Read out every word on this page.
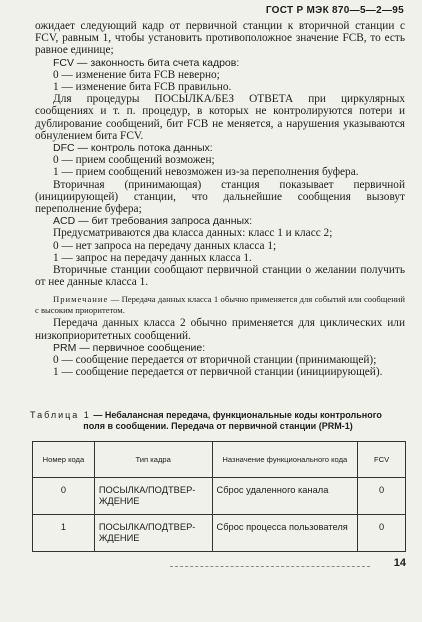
ГОСТ Р МЭК 870—5—2—95

ожидает следующий кадр от первичной станции к вторичной станции с FCV, равным 1, чтобы установить противоположное значение FCB, то есть равное единице;

FCV — законность бита счета кадров:

0 — изменение бита FCB неверно;

1 — изменение бита FCB правильно.

Для процедуры ПОСЫЛКА/БЕЗ ОТВЕТА при циркулярных сообщениях и т. п. процедур, в которых не контролируются потери и дублирование сообщений, бит FCB не меняется, а нарушения указываются обнулением бита FCV.

DFC — контроль потока данных:

0 — прием сообщений возможен;

1 — прием сообщений невозможен из-за переполнения буфера.

Вторичная (принимающая) станция показывает первичной (инициирующей) станции, что дальнейшие сообщения вызовут переполнение буфера;

ACD — бит требования запроса данных:

Предусматриваются два класса данных: класс 1 и класс 2;

0 — нет запроса на передачу данных класса 1;

1 — запрос на передачу данных класса 1.

Вторичные станции сообщают первичной станции о желании получить от нее данные класса 1.

Примечание — Передача данных класса 1 обычно применяется для событий или сообщений с высоким приоритетом.

Передача данных класса 2 обычно применяется для циклических или низкоприоритетных сообщений.

PRM — первичное сообщение:

0 — сообщение передается от вторичной станции (принимающей);

1 — сообщение передается от первичной станции (инициирующей).

Таблица 1 — Небалансная передача, функциональные коды контрольного
поля в сообщении. Передача от первичной станции (PRM-1)
Номер кода	Тип кадра	Назначение функционального кода	FCV
0	ПОСЫЛКА/ПОДТВЕР-ЖДЕНИЕ	Сброс удаленного канала	0
1	ПОСЫЛКА/ПОДТВЕР-ЖДЕНИЕ	Сброс процесса пользователя	0
14
